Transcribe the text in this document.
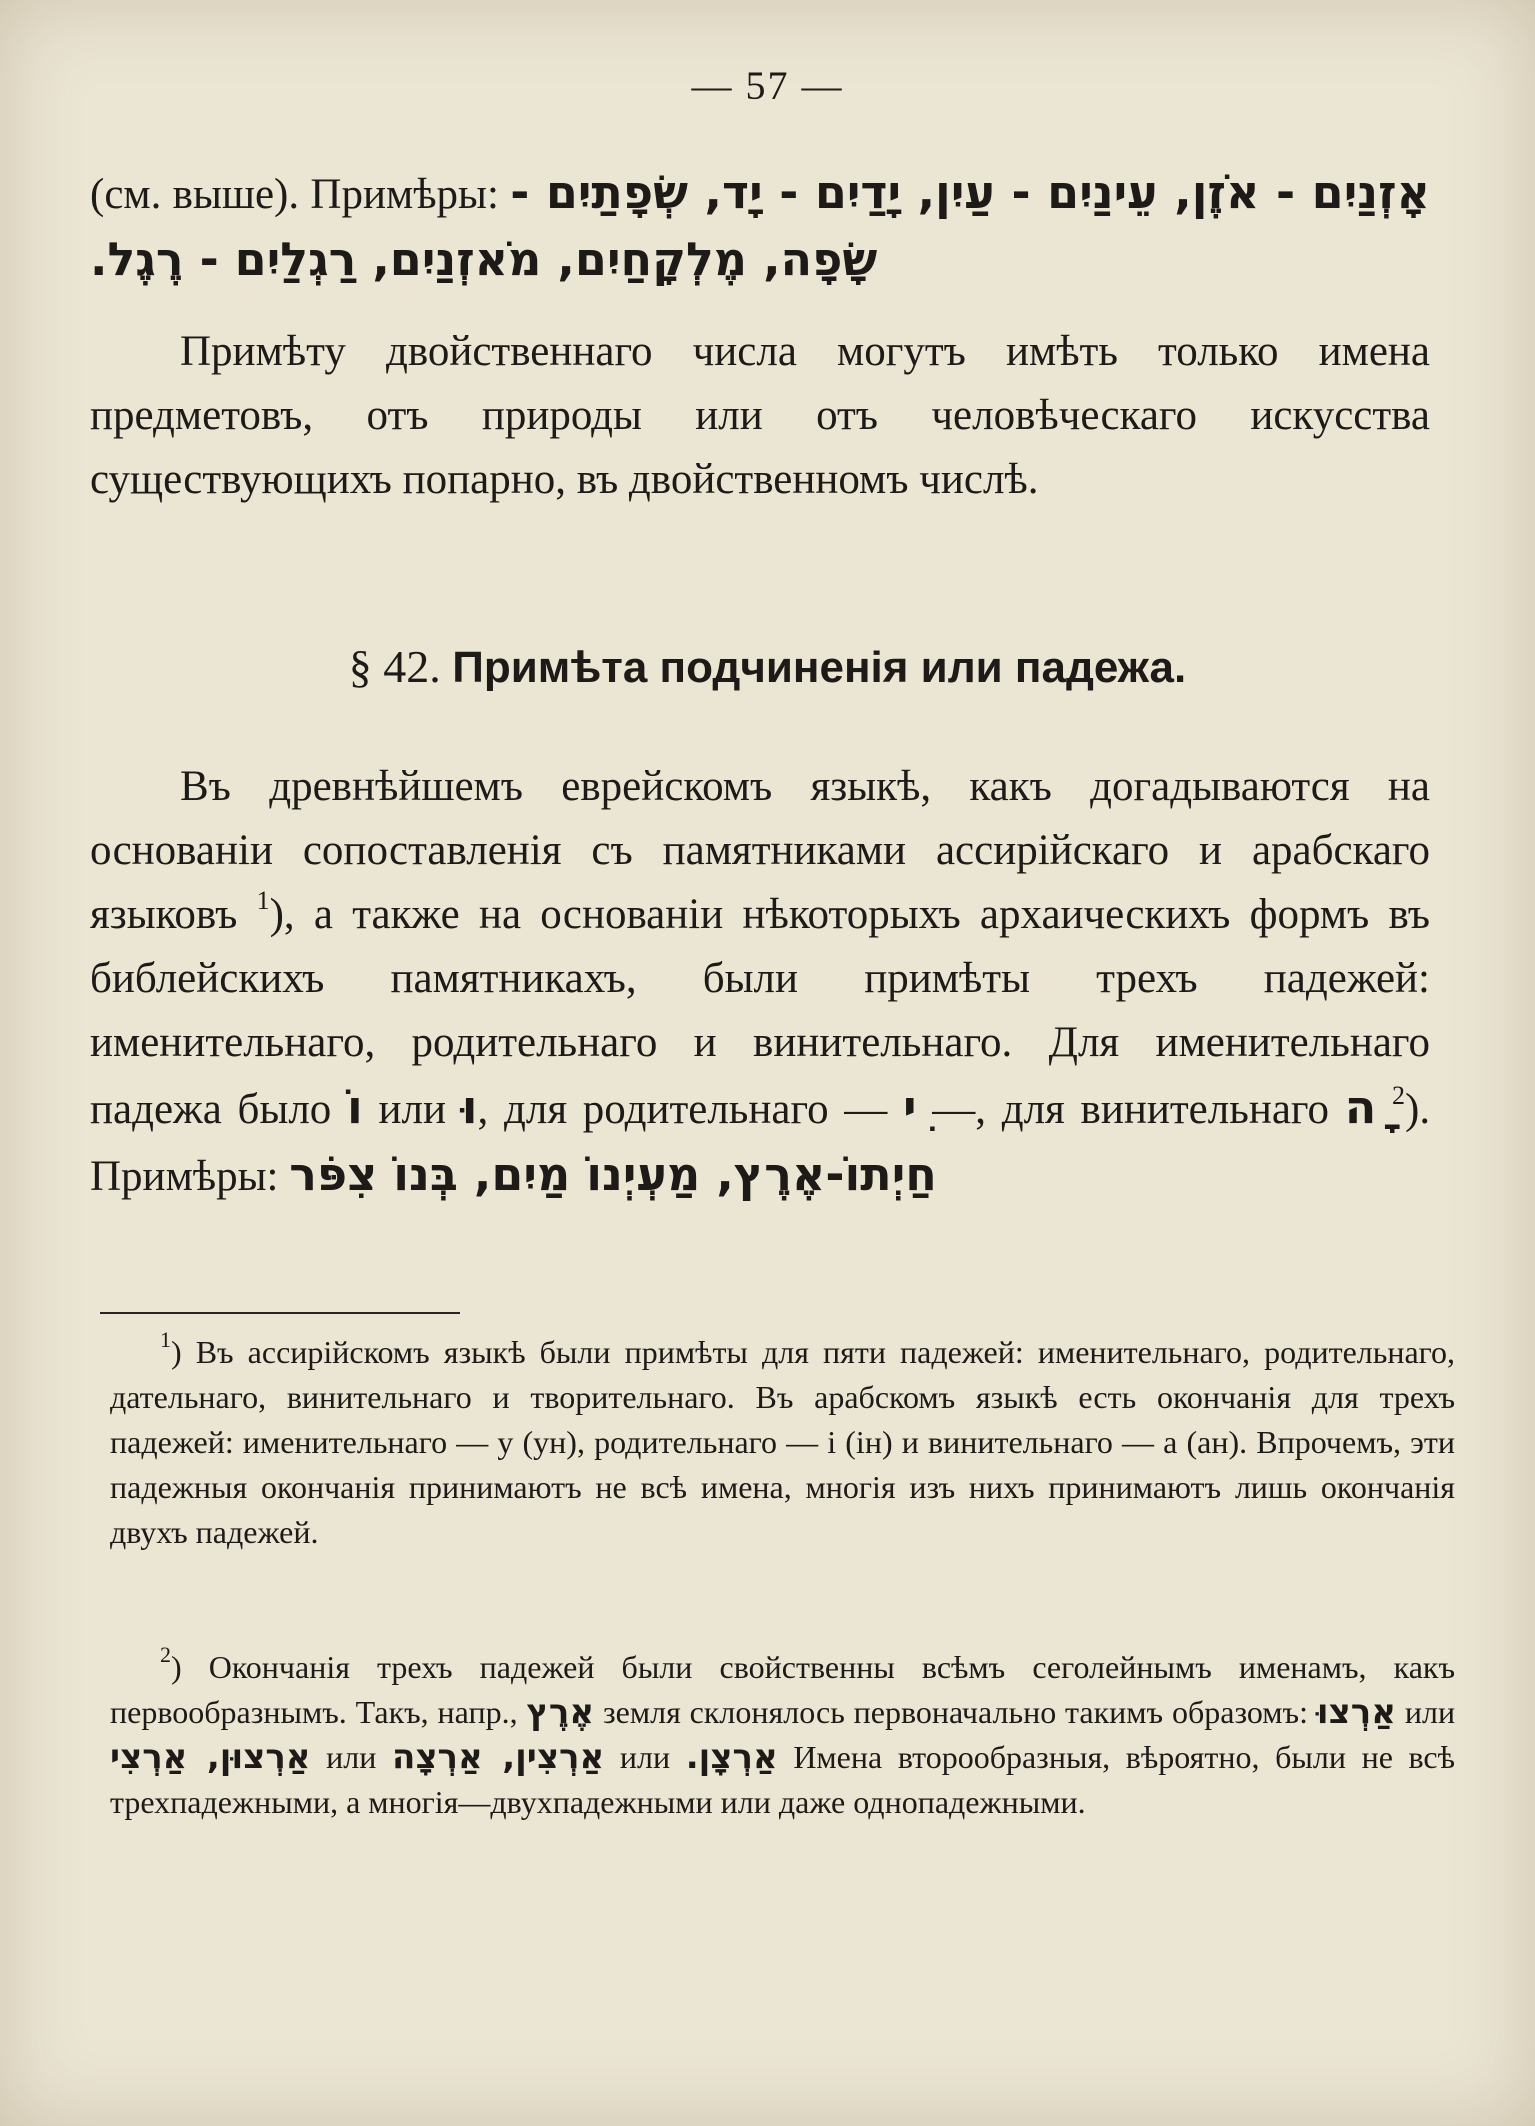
— 57 —
(см. выше). Примѣры: אָזְנַיִם - אֹזֶן, עֵינַיִם - עַיִן, יָדַיִם - יָד, שְׂפָתַיִם - שָׂפָה, מֶלְקָחַיִם, מֹאזְנַיִם, רַגְלַיִם - רֶגֶל.
Примѣту двойственнаго числа могутъ имѣть только имена предметовъ, отъ природы или отъ человѣческаго искусства существующихъ попарно, въ двойственномъ числѣ.
§ 42. Примѣта подчиненія или падежа.
Въ древнѣйшемъ еврейскомъ языкѣ, какъ догадываются на основаніи сопоставленія съ памятниками ассирійскаго и арабскаго языковъ $^1$), а также на основаніи нѣкоторыхъ архаическихъ формъ въ библейскихъ памятникахъ, были примѣты трехъ падежей: именительнаго, родительнаго и винительнаго. Для именительнаго падежа было וֹ или וּ, для родительнаго — ִי —, для винительнаго ָה $^2$). Примѣры: חַיְתוֹ-אֶרֶץ, מַעְיְנוֹ מַיִם, בְּנוֹ צִפֹּר
$^1$) Въ ассирійскомъ языкѣ были примѣты для пяти падежей: именительнаго, родительнаго, дательнаго, винительнаго и творительнаго. Въ арабскомъ языкѣ есть окончанія для трехъ падежей: именительнаго — у (ун), родительнаго — і (ін) и винительнаго — а (ан). Впрочемъ, эти падежныя окончанія принимаютъ не всѣ имена, многія изъ нихъ принимаютъ лишь окончанія двухъ падежей.
$^2$) Окончанія трехъ падежей были свойственны всѣмъ сеголейнымъ именамъ, какъ первообразнымъ. Такъ, напр., אֶרֶץ земля склонялось первоначально такимъ образомъ: אַרְצוּ или אַרְצוּן, אַרְצִי или אַרְצִין, אַרְצָה или אַרְצָן. Имена второобразныя, вѣроятно, были не всѣ трехпадежными, а многія—двухпадежными или даже однопадежными.
